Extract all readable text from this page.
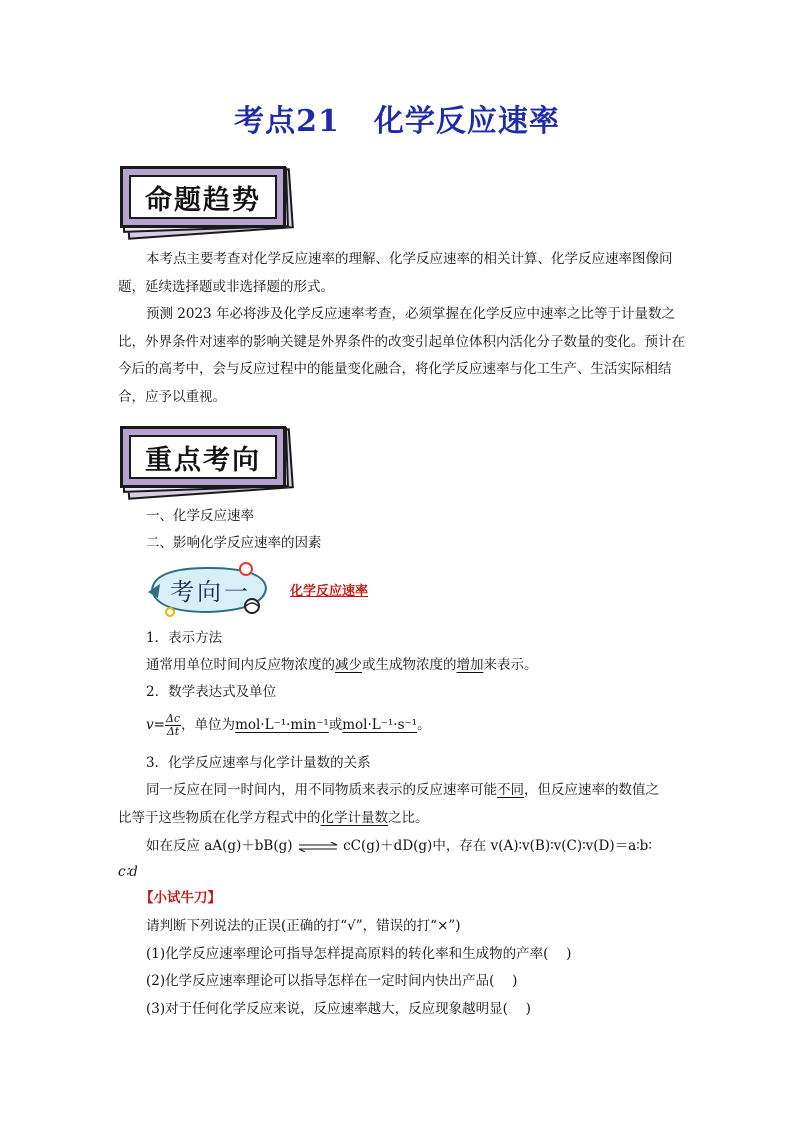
考点21 化学反应速率
命题趋势

本考点主要考查对化学反应速率的理解、化学反应速率的相关计算、化学反应速率图像问题，延续选择题或非选择题的形式。

预测 2023 年必将涉及化学反应速率考查，必须掌握在化学反应中速率之比等于计量数之比，外界条件对速率的影响关键是外界条件的改变引起单位体积内活化分子数量的变化。预计在今后的高考中，会与反应过程中的能量变化融合，将化学反应速率与化工生产、生活实际相结合，应予以重视。

重点考向
一、化学反应速率
二、影响化学反应速率的因素
考向一	化学反应速率
1．表示方法
通常用单位时间内反应物浓度的减少或生成物浓度的增加来表示。
2．数学表达式及单位
$v= \frac{\Delta c}{\Delta t}$ ，单位为mol·L⁻¹·min⁻¹或mol·L⁻¹·s⁻¹。
3．化学反应速率与化学计量数的关系
同一反应在同一时间内，用不同物质来表示的反应速率可能不同，但反应速率的数值之
比等于这些物质在化学方程式中的化学计量数之比。
如在反应 aA(g)＋bB(g) ⇌ cC(g)＋dD(g)中，存在 v(A)∶v(B)∶v(C)∶v(D)＝a∶b∶
c∶d
【小试牛刀】
请判断下列说法的正误(正确的打“√”，错误的打“×”)
(1)化学反应速率理论可指导怎样提高原料的转化率和生成物的产率(　 )
(2)化学反应速率理论可以指导怎样在一定时间内快出产品(　 )
(3)对于任何化学反应来说，反应速率越大，反应现象越明显(　 )
